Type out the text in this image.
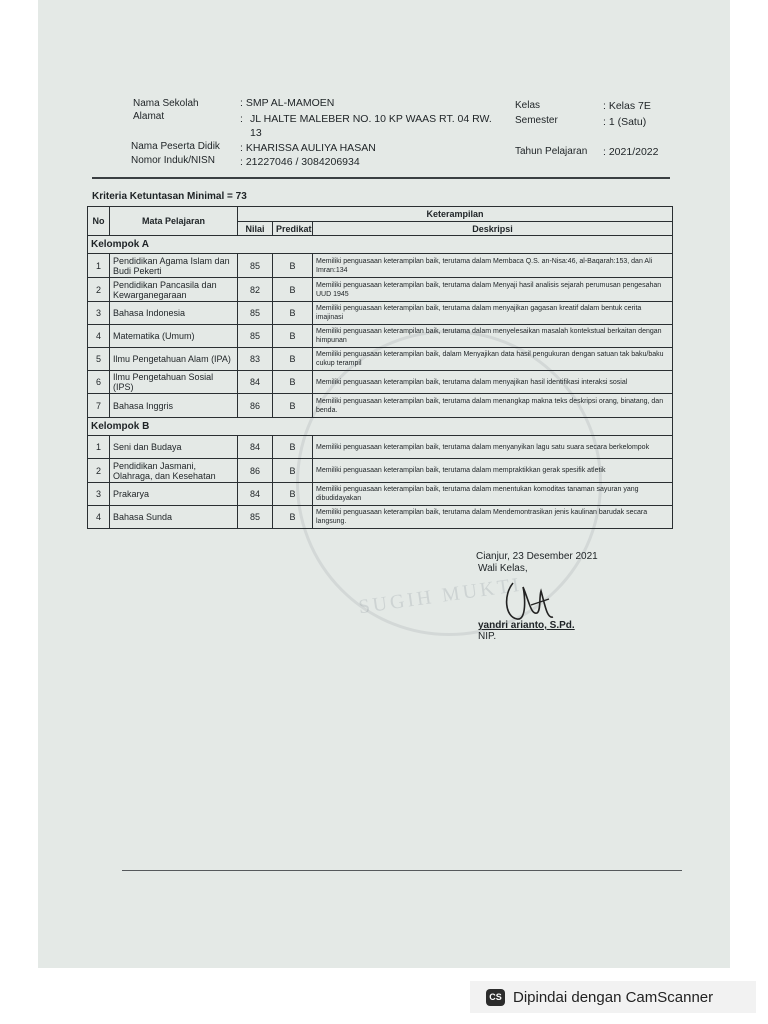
SUGIH MUKTI
Nama Sekolah	: SMP AL-MAMOEN
Alamat	: JL HALTE MALEBER NO. 10 KP WAAS RT. 04 RW.
13
Nama Peserta Didik : KHARISSA AULIYA HASAN
Nomor Induk/NISN : 21227046 / 3084206934
Kelas	: Kelas 7E
Semester	: 1 (Satu)
Tahun Pelajaran : 2021/2022
Kriteria Ketuntasan Minimal = 73
No	Mata Pelajaran	Keterampilan		
		Nilai	Predikat	Deskripsi
Kelompok A				
1	Pendidikan Agama Islam dan Budi Pekerti	85	B	Memiliki penguasaan keterampilan baik, terutama dalam Membaca Q.S. an-Nisa:46, al-Baqarah:153, dan Ali Imran:134
2	Pendidikan Pancasila dan Kewarganegaraan	82	B	Memiliki penguasaan keterampilan baik, terutama dalam Menyaji hasil analisis sejarah perumusan pengesahan UUD 1945
3	Bahasa Indonesia	85	B	Memiliki penguasaan keterampilan baik, terutama dalam menyajikan gagasan kreatif dalam bentuk cerita imajinasi
4	Matematika (Umum)	85	B	Memiliki penguasaan keterampilan baik, terutama dalam menyelesaikan masalah kontekstual berkaitan dengan himpunan
5	Ilmu Pengetahuan Alam (IPA)	83	B	Memiliki penguasaan keterampilan baik, dalam Menyajikan data hasil pengukuran dengan satuan tak baku/baku cukup terampil
6	Ilmu Pengetahuan Sosial (IPS)	84	B	Memiliki penguasaan keterampilan baik, terutama dalam menyajikan hasil identifikasi interaksi sosial
7	Bahasa Inggris	86	B	Memiliki penguasaan keterampilan baik, terutama dalam menangkap makna teks deskripsi orang, binatang, dan benda.
Kelompok B				
1	Seni dan Budaya	84	B	Memiliki penguasaan keterampilan baik, terutama dalam menyanyikan lagu satu suara secara berkelompok
2	Pendidikan Jasmani, Olahraga, dan Kesehatan	86	B	Memiliki penguasaan keterampilan baik, terutama dalam mempraktikkan gerak spesifik atletik
3	Prakarya	84	B	Memiliki penguasaan keterampilan baik, terutama dalam menentukan komoditas tanaman sayuran yang dibudidayakan
4	Bahasa Sunda	85	B	Memiliki penguasaan keterampilan baik, terutama dalam Mendemontrasikan jenis kaulinan barudak secara langsung.
Cianjur, 23 Desember 2021
Wali Kelas,
yandri arianto, S.Pd.
NIP.
CS Dipindai dengan CamScanner
